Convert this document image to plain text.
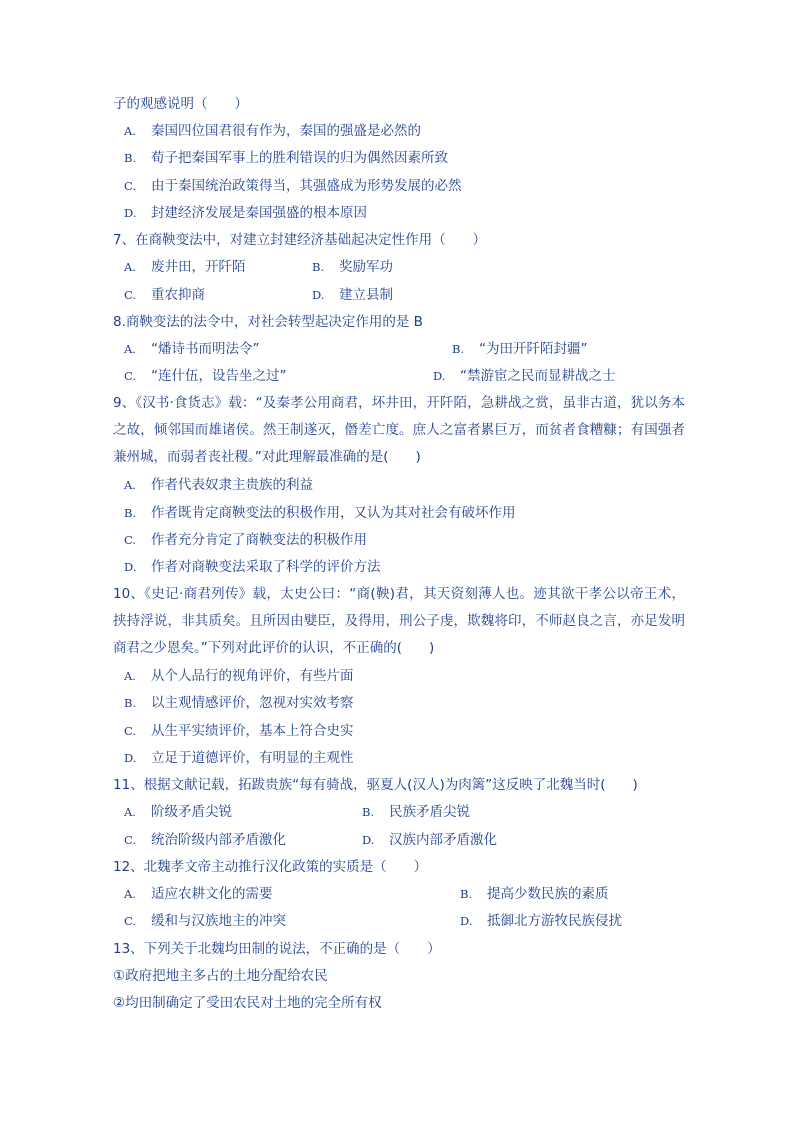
子的观感说明（　　）
A. 秦国四位国君很有作为，秦国的强盛是必然的
B. 荀子把秦国军事上的胜利错误的归为偶然因素所致
C. 由于秦国统治政策得当，其强盛成为形势发展的必然
D. 封建经济发展是秦国强盛的根本原因
7、在商鞅变法中，对建立封建经济基础起决定性作用（　　）
A. 废井田，开阡陌	B. 奖励军功
C. 重农抑商	D. 建立县制
8.商鞅变法的法令中，对社会转型起决定作用的是 B
A. “燔诗书而明法令”	B. “为田开阡陌封疆”
C. “连什伍，设告坐之过”	D. “禁游宦之民而显耕战之士
9、《汉书·食货志》载：“及秦孝公用商君，坏井田，开阡陌，急耕战之赏，虽非古道，犹以务本之故，倾邻国而雄诸侯。然王制遂灭，僭差亡度。庶人之富者累巨万，而贫者食糟糠；有国强者兼州城，而弱者丧社稷。”对此理解最准确的是(　　)
A. 作者代表奴隶主贵族的利益
B. 作者既肯定商鞅变法的积极作用，又认为其对社会有破坏作用
C. 作者充分肯定了商鞅变法的积极作用
D. 作者对商鞅变法采取了科学的评价方法
10、《史记·商君列传》载，太史公曰：“商(鞅)君，其天资刻薄人也。迹其欲干孝公以帝王术，挟持浮说，非其质矣。且所因由嬖臣，及得用，刑公子虔，欺魏将印，不师赵良之言，亦足发明商君之少恩矣。”下列对此评价的认识，不正确的(　　)
A. 从个人品行的视角评价，有些片面
B. 以主观情感评价，忽视对实效考察
C. 从生平实绩评价，基本上符合史实
D. 立足于道德评价，有明显的主观性
11、根据文献记载，拓跋贵族“每有骑战，驱夏人(汉人)为肉篱”这反映了北魏当时(　　)
A. 阶级矛盾尖锐	B. 民族矛盾尖锐
C. 统治阶级内部矛盾激化	D. 汉族内部矛盾激化
12、北魏孝文帝主动推行汉化政策的实质是（　　）
A. 适应农耕文化的需要	B. 提高少数民族的素质
C. 缓和与汉族地主的冲突	D. 抵御北方游牧民族侵扰
13、下列关于北魏均田制的说法，不正确的是（　　）
①政府把地主多占的土地分配给农民
②均田制确定了受田农民对土地的完全所有权
